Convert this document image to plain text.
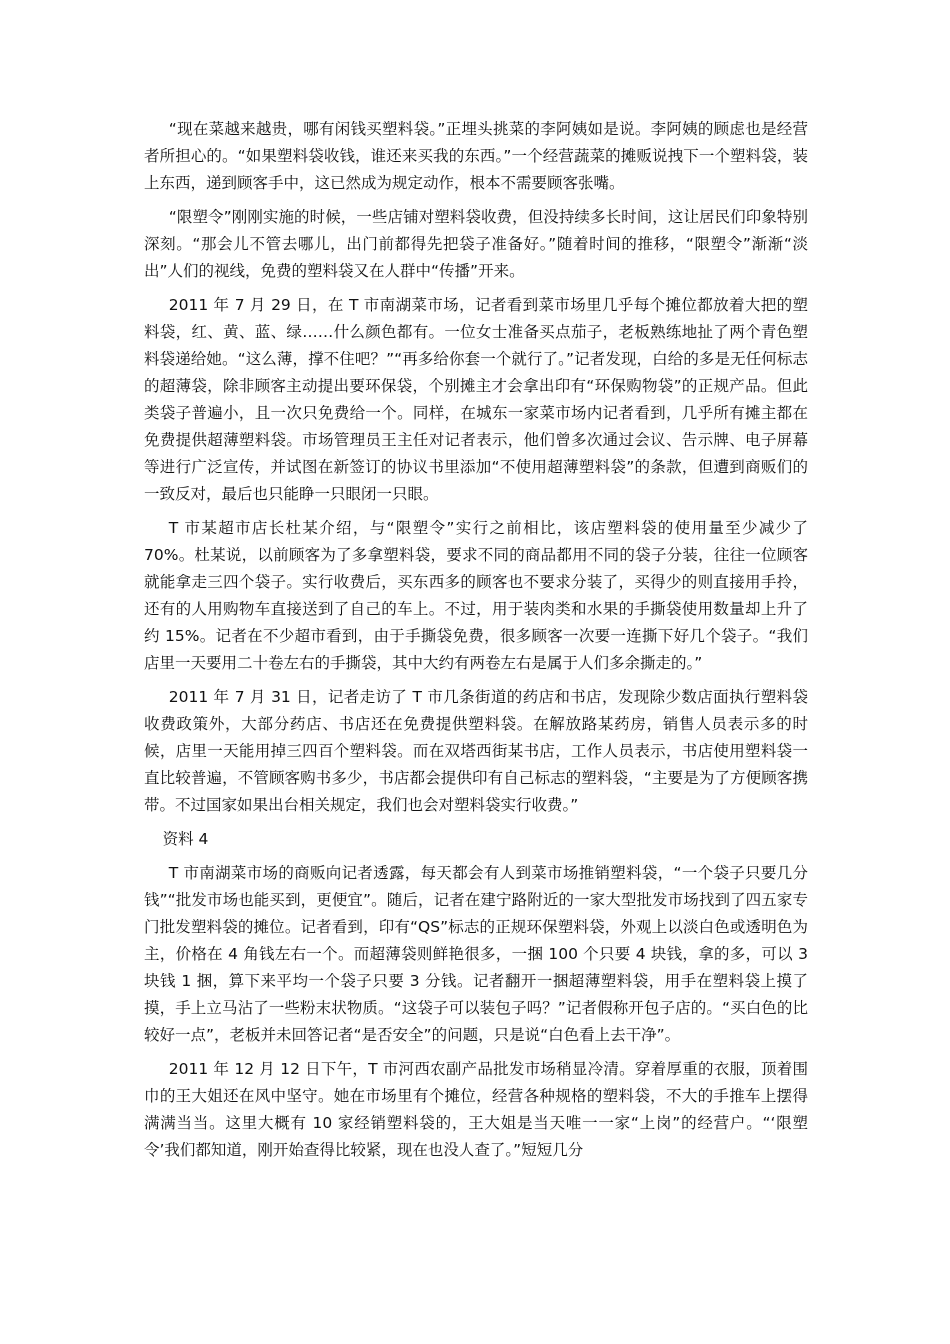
“现在菜越来越贵，哪有闲钱买塑料袋。”正埋头挑菜的李阿姨如是说。李阿姨的顾虑也是经营者所担心的。“如果塑料袋收钱，谁还来买我的东西。”一个经营蔬菜的摊贩说拽下一个塑料袋，装上东西，递到顾客手中，这已然成为规定动作，根本不需要顾客张嘴。

“限塑令”刚刚实施的时候，一些店铺对塑料袋收费，但没持续多长时间，这让居民们印象特别深刻。“那会儿不管去哪儿，出门前都得先把袋子准备好。”随着时间的推移，“限塑令”渐渐“淡出”人们的视线，免费的塑料袋又在人群中“传播”开来。

2011 年 7 月 29 日，在 T 市南湖菜市场，记者看到菜市场里几乎每个摊位都放着大把的塑料袋，红、黄、蓝、绿……什么颜色都有。一位女士准备买点茄子，老板熟练地扯了两个青色塑料袋递给她。“这么薄，撑不住吧？”“再多给你套一个就行了。”记者发现，白给的多是无任何标志的超薄袋，除非顾客主动提出要环保袋，个别摊主才会拿出印有“环保购物袋”的正规产品。但此类袋子普遍小，且一次只免费给一个。同样，在城东一家菜市场内记者看到，几乎所有摊主都在免费提供超薄塑料袋。市场管理员王主任对记者表示，他们曾多次通过会议、告示牌、电子屏幕等进行广泛宣传，并试图在新签订的协议书里添加“不使用超薄塑料袋”的条款，但遭到商贩们的一致反对，最后也只能睁一只眼闭一只眼。

T 市某超市店长杜某介绍，与“限塑令”实行之前相比，该店塑料袋的使用量至少减少了 70%。杜某说，以前顾客为了多拿塑料袋，要求不同的商品都用不同的袋子分装，往往一位顾客就能拿走三四个袋子。实行收费后，买东西多的顾客也不要求分装了，买得少的则直接用手拎，还有的人用购物车直接送到了自己的车上。不过，用于装肉类和水果的手撕袋使用数量却上升了约 15%。记者在不少超市看到，由于手撕袋免费，很多顾客一次要一连撕下好几个袋子。“我们店里一天要用二十卷左右的手撕袋，其中大约有两卷左右是属于人们多余撕走的。”

2011 年 7 月 31 日，记者走访了 T 市几条街道的药店和书店，发现除少数店面执行塑料袋收费政策外，大部分药店、书店还在免费提供塑料袋。在解放路某药房，销售人员表示多的时候，店里一天能用掉三四百个塑料袋。而在双塔西街某书店，工作人员表示，书店使用塑料袋一直比较普遍，不管顾客购书多少，书店都会提供印有自己标志的塑料袋，“主要是为了方便顾客携带。不过国家如果出台相关规定，我们也会对塑料袋实行收费。”

资料 4

T 市南湖菜市场的商贩向记者透露，每天都会有人到菜市场推销塑料袋，“一个袋子只要几分钱”“批发市场也能买到，更便宜”。随后，记者在建宁路附近的一家大型批发市场找到了四五家专门批发塑料袋的摊位。记者看到，印有“QS”标志的正规环保塑料袋，外观上以淡白色或透明色为主，价格在 4 角钱左右一个。而超薄袋则鲜艳很多，一捆 100 个只要 4 块钱，拿的多，可以 3 块钱 1 捆，算下来平均一个袋子只要 3 分钱。记者翻开一捆超薄塑料袋，用手在塑料袋上摸了摸，手上立马沾了一些粉末状物质。“这袋子可以装包子吗？”记者假称开包子店的。“买白色的比较好一点”，老板并未回答记者“是否安全”的问题，只是说“白色看上去干净”。

2011 年 12 月 12 日下午，T 市河西农副产品批发市场稍显冷清。穿着厚重的衣服，顶着围巾的王大姐还在风中坚守。她在市场里有个摊位，经营各种规格的塑料袋，不大的手推车上摆得满满当当。这里大概有 10 家经销塑料袋的，王大姐是当天唯一一家“上岗”的经营户。“‘限塑令’我们都知道，刚开始查得比较紧，现在也没人查了。”短短几分
